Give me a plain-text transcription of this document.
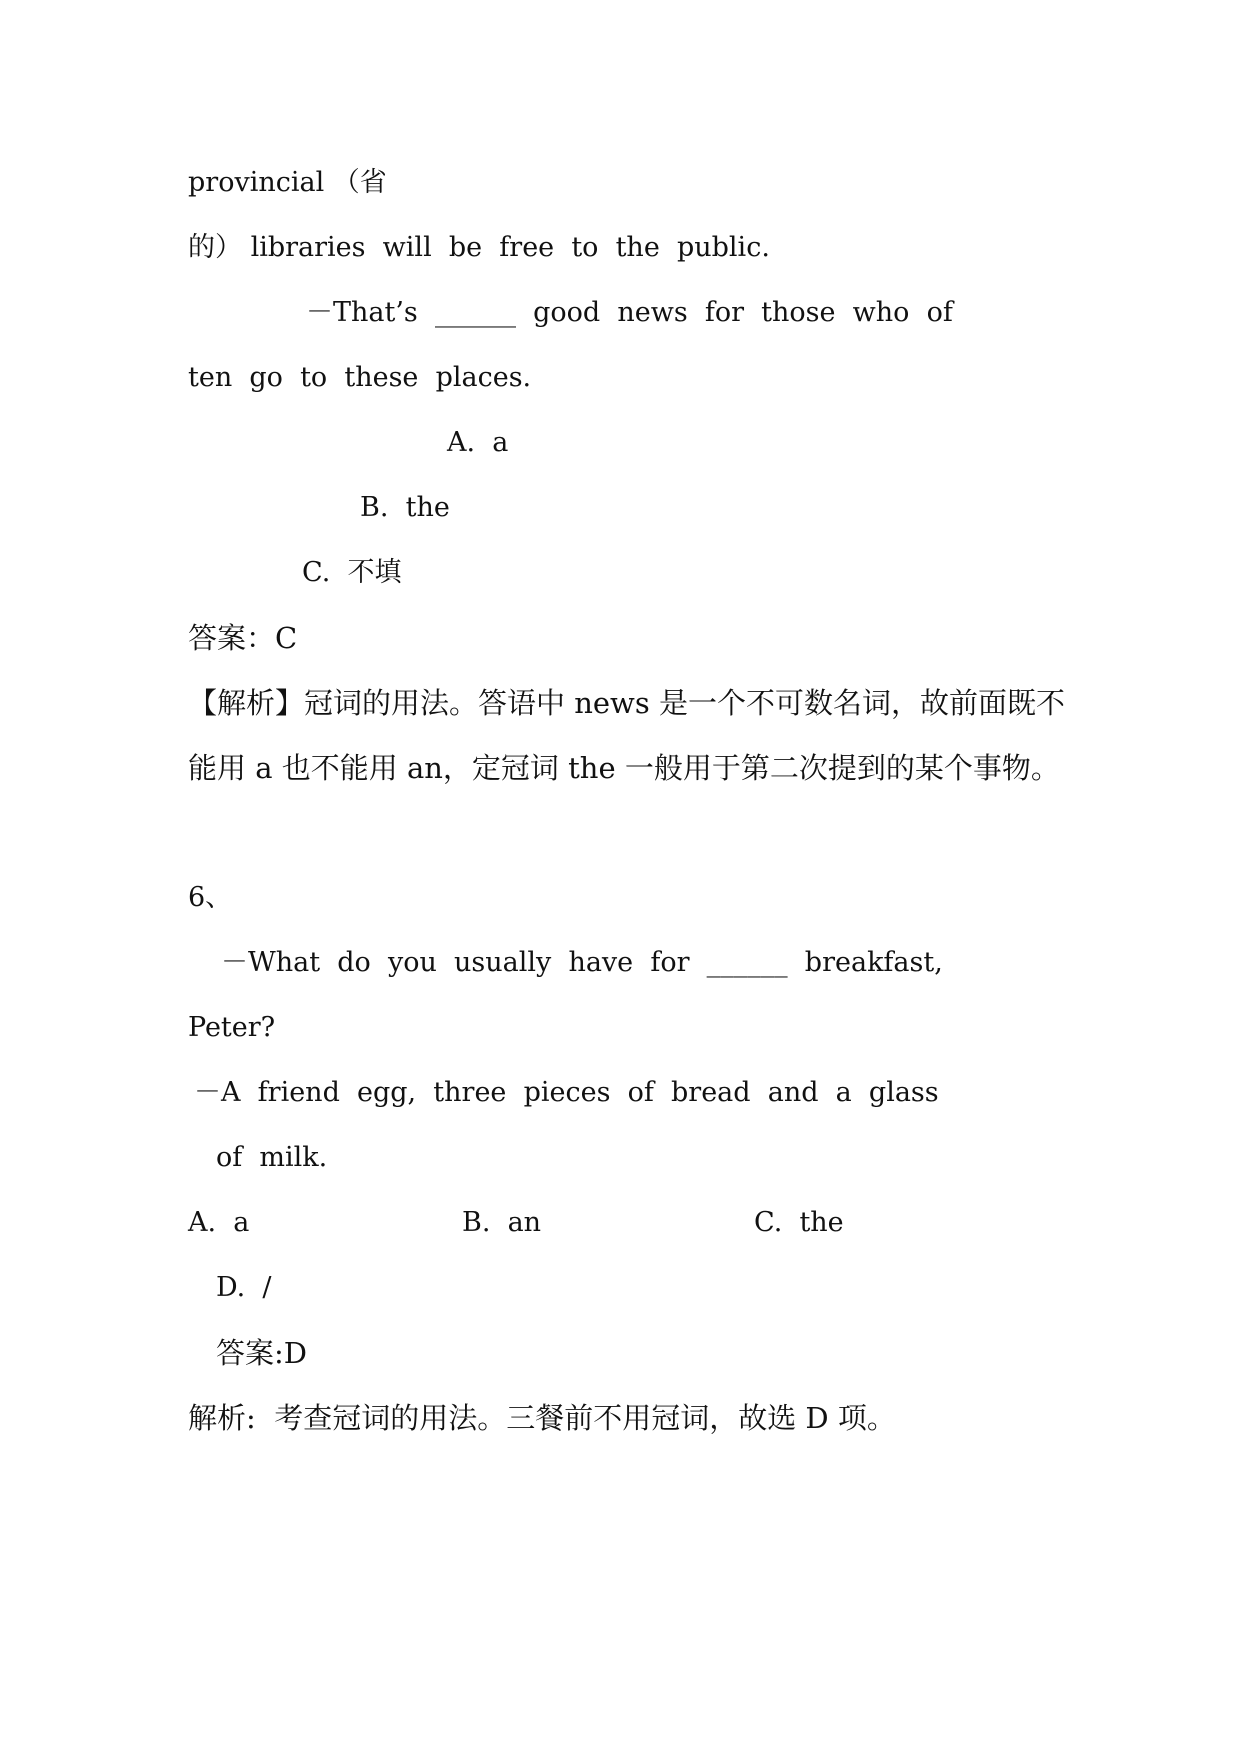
provincial （省
的） libraries  will  be  free  to  the  public.
－That’s  ______  good  news  for  those  who  of
ten  go  to  these  places.
A.  a
B.  the
C.  不填
答案：C
【解析】冠词的用法。答语中 news 是一个不可数名词，故前面既不
能用 a 也不能用 an，定冠词 the 一般用于第二次提到的某个事物。
6、
－What  do  you  usually  have  for  ______  breakfast,
Peter?
－A  friend  egg,  three  pieces  of  bread  and  a  glass
of  milk.
A.  a	B.  an	C.  the
D.  /
答案:D
解析:  考查冠词的用法。三餐前不用冠词，故选 D 项。
